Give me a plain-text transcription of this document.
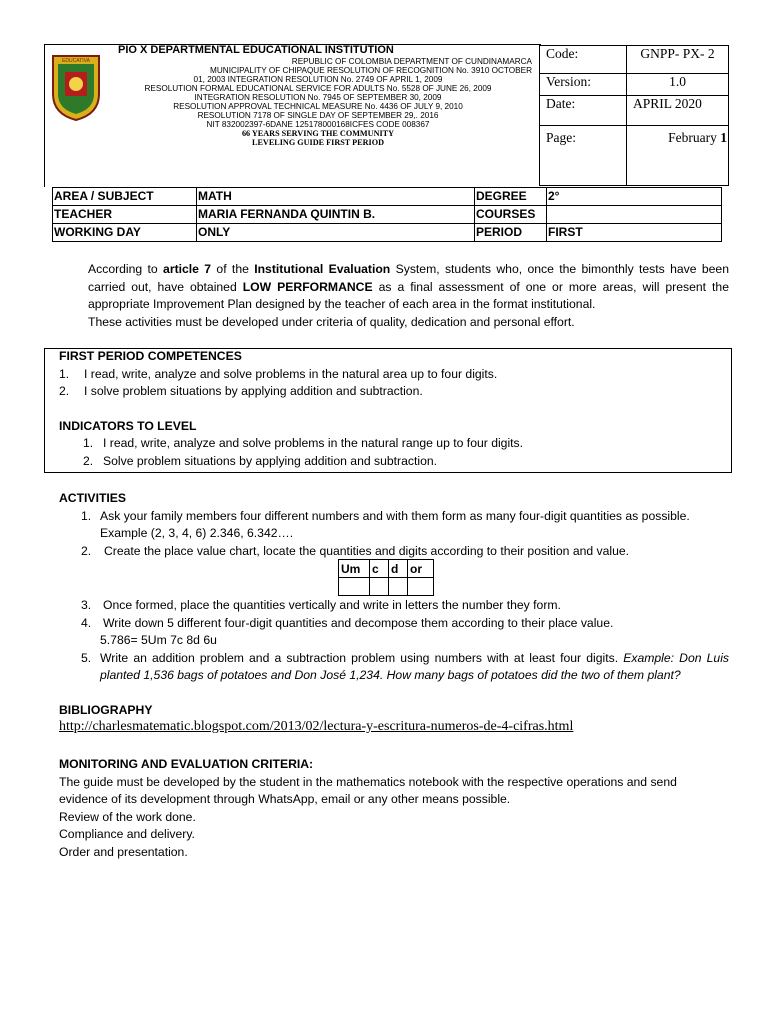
EDUCATIVA
PIO X DEPARTMENTAL EDUCATIONAL INSTITUTION
REPUBLIC OF COLOMBIA DEPARTMENT OF CUNDINAMARCA
MUNICIPALITY OF CHIPAQUE RESOLUTION OF RECOGNITION No. 3910 OCTOBER
01, 2003 INTEGRATION RESOLUTION No. 2749 OF APRIL 1, 2009
RESOLUTION FORMAL EDUCATIONAL SERVICE FOR ADULTS No. 5528 OF JUNE 26, 2009
INTEGRATION RESOLUTION No. 7945 OF SEPTEMBER 30, 2009
RESOLUTION APPROVAL TECHNICAL MEASURE No. 4436 OF JULY 9, 2010
RESOLUTION 7178 OF SINGLE DAY OF SEPTEMBER 29,. 2016
NIT 832002397-6DANE 125178000168ICFES CODE 008367
66 YEARS SERVING THE COMMUNITY
LEVELING GUIDE FIRST PERIOD
Code:	GNPP- PX- 2
Version:	1.0
Date:	APRIL 2020
Page:	February 1
AREA / SUBJECT	MATH	DEGREE	2°
TEACHER	MARIA FERNANDA QUINTIN B.	COURSES	
WORKING DAY	ONLY	PERIOD	FIRST
According to article 7 of the Institutional Evaluation System, students who, once the bimonthly tests have been carried out, have obtained LOW PERFORMANCE as a final assessment of one or more areas, will present the appropriate Improvement Plan designed by the teacher of each area in the format institutional.
These activities must be developed under criteria of quality, dedication and personal effort.
FIRST PERIOD COMPETENCES
1. I read, write, analyze and solve problems in the natural area up to four digits.
2. I solve problem situations by applying addition and subtraction.
INDICATORS TO LEVEL
1. I read, write, analyze and solve problems in the natural range up to four digits.
2. Solve problem situations by applying addition and subtraction.
ACTIVITIES
1. Ask your family members four different numbers and with them form as many four-digit quantities as possible.
Example (2, 3, 4, 6) 2.346, 6.342….
2. Create the place value chart, locate the quantities and digits according to their position and value.
Um	c	d	or

3. Once formed, place the quantities vertically and write in letters the number they form.
4. Write down 5 different four-digit quantities and decompose them according to their place value.
5.786= 5Um 7c 8d 6u
5. Write an addition problem and a subtraction problem using numbers with at least four digits. Example: Don Luis planted 1,536 bags of potatoes and Don José 1,234. How many bags of potatoes did the two of them plant?
BIBLIOGRAPHY
http://charlesmatematic.blogspot.com/2013/02/lectura-y-escritura-numeros-de-4-cifras.html
MONITORING AND EVALUATION CRITERIA:
The guide must be developed by the student in the mathematics notebook with the respective operations and send evidence of its development through WhatsApp, email or any other means possible.
Review of the work done.
Compliance and delivery.
Order and presentation.
